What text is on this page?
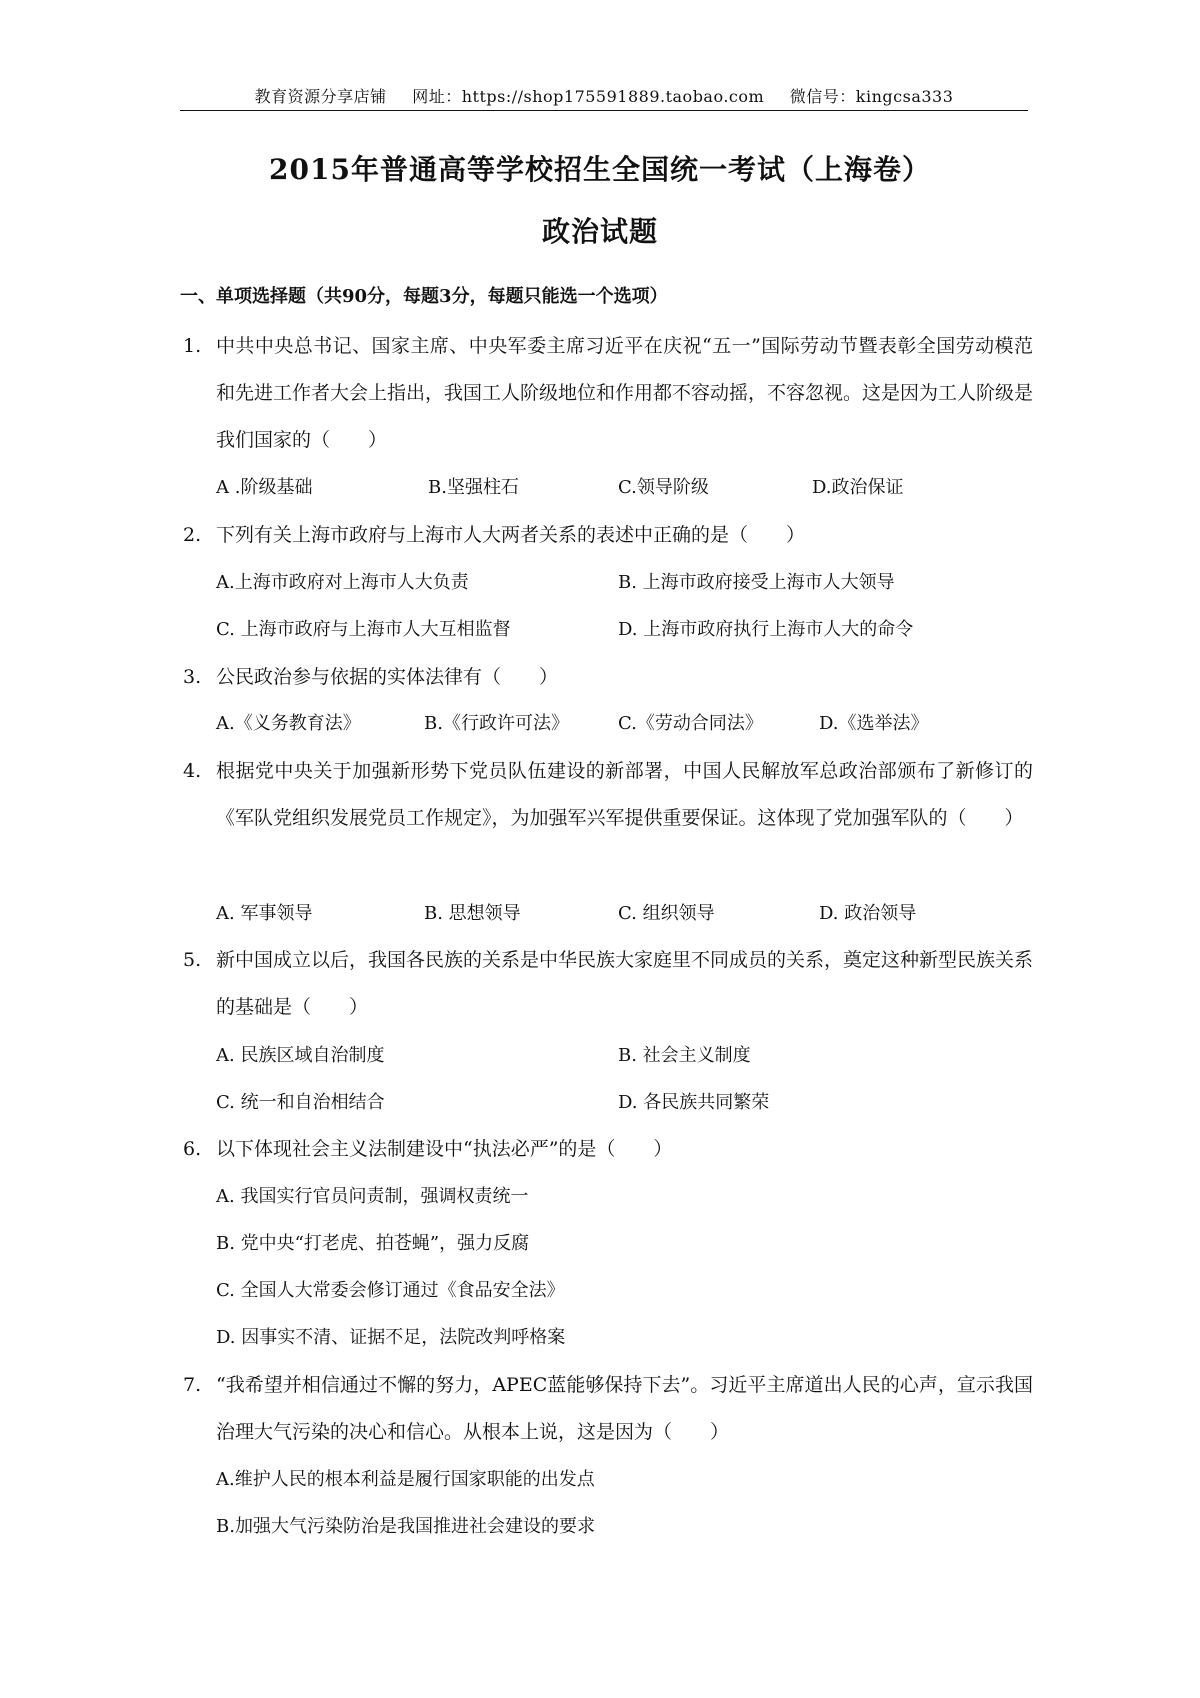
教育资源分享店铺 网址：https://shop175591889.taobao.com 微信号：kingcsa333
2015年普通高等学校招生全国统一考试（上海卷）
政治试题
一、单项选择题（共90分，每题3分，每题只能选一个选项）
1. 中共中央总书记、国家主席、中央军委主席习近平在庆祝“五一”国际劳动节暨表彰全国劳动模范和先进工作者大会上指出，我国工人阶级地位和作用都不容动摇，不容忽视。这是因为工人阶级是我们国家的（　　）
A .阶级基础	B.坚强柱石	C.领导阶级	D.政治保证
2. 下列有关上海市政府与上海市人大两者关系的表述中正确的是（　　）
A.上海市政府对上海市人大负责	B. 上海市政府接受上海市人大领导
C. 上海市政府与上海市人大互相监督	D. 上海市政府执行上海市人大的命令
3. 公民政治参与依据的实体法律有（　　）
A.《义务教育法》	B.《行政许可法》	C.《劳动合同法》	D.《选举法》
4. 根据党中央关于加强新形势下党员队伍建设的新部署，中国人民解放军总政治部颁布了新修订的《军队党组织发展党员工作规定》，为加强军兴军提供重要保证。这体现了党加强军队的（　　）
A. 军事领导	B. 思想领导	C. 组织领导	D. 政治领导
5. 新中国成立以后，我国各民族的关系是中华民族大家庭里不同成员的关系，奠定这种新型民族关系的基础是（　　）
A. 民族区域自治制度	B. 社会主义制度
C. 统一和自治相结合	D. 各民族共同繁荣
6. 以下体现社会主义法制建设中“执法必严”的是（　　）
A. 我国实行官员问责制，强调权责统一
B. 党中央“打老虎、拍苍蝇”，强力反腐
C. 全国人大常委会修订通过《食品安全法》
D. 因事实不清、证据不足，法院改判呼格案
7. “我希望并相信通过不懈的努力，APEC蓝能够保持下去”。习近平主席道出人民的心声，宣示我国治理大气污染的决心和信心。从根本上说，这是因为（　　）
A.维护人民的根本利益是履行国家职能的出发点
B.加强大气污染防治是我国推进社会建设的要求
